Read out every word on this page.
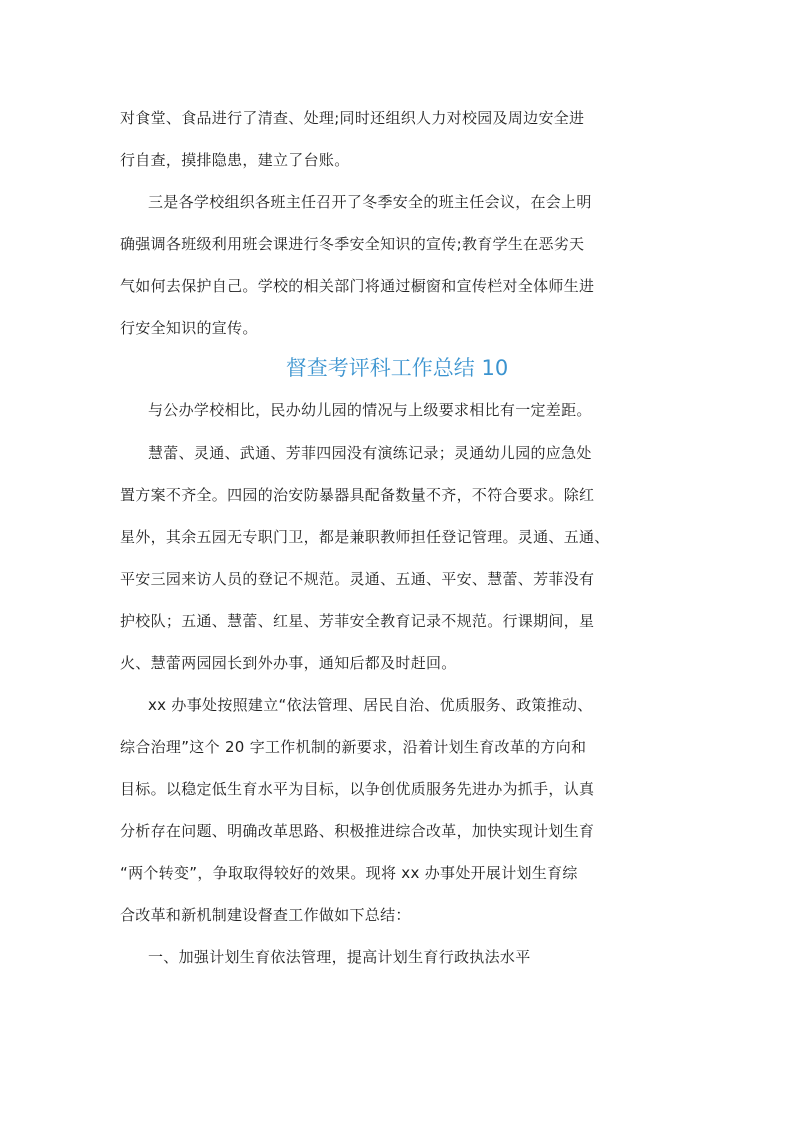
对食堂、食品进行了清查、处理;同时还组织人力对校园及周边安全进

行自查，摸排隐患，建立了台账。

三是各学校组织各班主任召开了冬季安全的班主任会议，在会上明

确强调各班级利用班会课进行冬季安全知识的宣传;教育学生在恶劣天

气如何去保护自己。学校的相关部门将通过橱窗和宣传栏对全体师生进

行安全知识的宣传。

督查考评科工作总结 10

与公办学校相比，民办幼儿园的情况与上级要求相比有一定差距。

慧蕾、灵通、武通、芳菲四园没有演练记录；灵通幼儿园的应急处

置方案不齐全。四园的治安防暴器具配备数量不齐，不符合要求。除红

星外，其余五园无专职门卫，都是兼职教师担任登记管理。灵通、五通、

平安三园来访人员的登记不规范。灵通、五通、平安、慧蕾、芳菲没有

护校队；五通、慧蕾、红星、芳菲安全教育记录不规范。行课期间，星

火、慧蕾两园园长到外办事，通知后都及时赶回。

xx 办事处按照建立“依法管理、居民自治、优质服务、政策推动、

综合治理”这个 20 字工作机制的新要求，沿着计划生育改革的方向和

目标。以稳定低生育水平为目标，以争创优质服务先进办为抓手，认真

分析存在问题、明确改革思路、积极推进综合改革，加快实现计划生育

“两个转变”，争取取得较好的效果。现将 xx 办事处开展计划生育综

合改革和新机制建设督查工作做如下总结：

一、加强计划生育依法管理，提高计划生育行政执法水平
